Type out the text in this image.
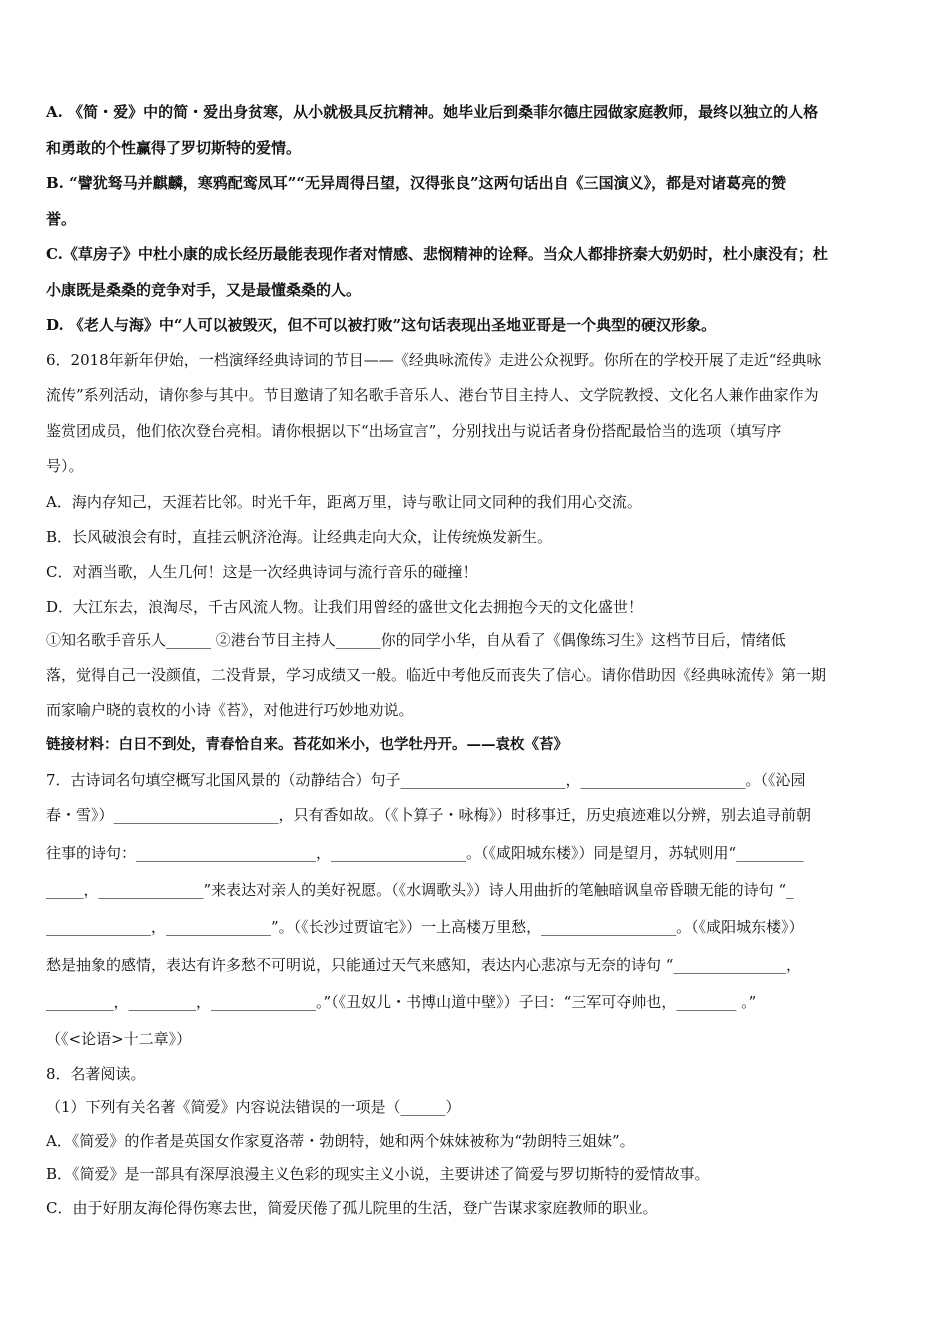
A. 《简・爱》中的简・爱出身贫寒，从小就极具反抗精神。她毕业后到桑菲尔德庄园做家庭教师，最终以独立的人格
和勇敢的个性赢得了罗切斯特的爱情。
B. “譬犹驽马并麒麟，寒鸦配鸾凤耳”“无异周得吕望，汉得张良”这两句话出自《三国演义》，都是对诸葛亮的赞
誉。
C.《草房子》中杜小康的成长经历最能表现作者对情感、悲悯精神的诠释。当众人都排挤秦大奶奶时，杜小康没有；杜
小康既是桑桑的竞争对手，又是最懂桑桑的人。
D. 《老人与海》中“人可以被毁灭，但不可以被打败”这句话表现出圣地亚哥是一个典型的硬汉形象。
6．2018年新年伊始，一档演绎经典诗词的节目——《经典咏流传》走进公众视野。你所在的学校开展了走近“经典咏
流传”系列活动，请你参与其中。节目邀请了知名歌手音乐人、港台节目主持人、文学院教授、文化名人兼作曲家作为
鉴赏团成员，他们依次登台亮相。请你根据以下“出场宣言”，分别找出与说话者身份搭配最恰当的选项（填写序
号）。
A．海内存知己，天涯若比邻。时光千年，距离万里，诗与歌让同文同种的我们用心交流。
B．长风破浪会有时，直挂云帆济沧海。让经典走向大众，让传统焕发新生。
C．对酒当歌，人生几何！这是一次经典诗词与流行音乐的碰撞！
D．大江东去，浪淘尽，千古风流人物。让我们用曾经的盛世文化去拥抱今天的文化盛世！
①知名歌手音乐人______ ②港台节目主持人______你的同学小华，自从看了《偶像练习生》这档节目后，情绪低
落，觉得自己一没颜值，二没背景，学习成绩又一般。临近中考他反而丧失了信心。请你借助因《经典咏流传》第一期
而家喻户晓的袁枚的小诗《苔》，对他进行巧妙地劝说。
链接材料：白日不到处，青春恰自来。苔花如米小，也学牡丹开。——袁枚《苔》
7．古诗词名句填空概写北国风景的（动静结合）句子______________________，______________________。（《沁园
春・雪》）______________________，只有香如故。（《卜算子・咏梅》）时移事迁，历史痕迹难以分辨，别去追寻前朝
往事的诗句：________________________，__________________。（《咸阳城东楼》）同是望月，苏轼则用“_________
_____，______________”来表达对亲人的美好祝愿。（《水调歌头》）诗人用曲折的笔触暗讽皇帝昏聩无能的诗句 “_
______________，______________”。（《长沙过贾谊宅》）一上高楼万里愁，__________________。（《咸阳城东楼》）
愁是抽象的感情，表达有许多愁不可明说，只能通过天气来感知，表达内心悲凉与无奈的诗句 “_______________，
_________，_________，______________。”（《丑奴儿・书博山道中壁》）子曰：“三军可夺帅也，________ 。”
（《<论语>十二章》）
8．名著阅读。
（1）下列有关名著《简爱》内容说法错误的一项是（______）
A．《简爱》的作者是英国女作家夏洛蒂・勃朗特，她和两个妹妹被称为“勃朗特三姐妹”。
B．《简爱》是一部具有深厚浪漫主义色彩的现实主义小说，主要讲述了简爱与罗切斯特的爱情故事。
C．由于好朋友海伦得伤寒去世，简爱厌倦了孤儿院里的生活，登广告谋求家庭教师的职业。
